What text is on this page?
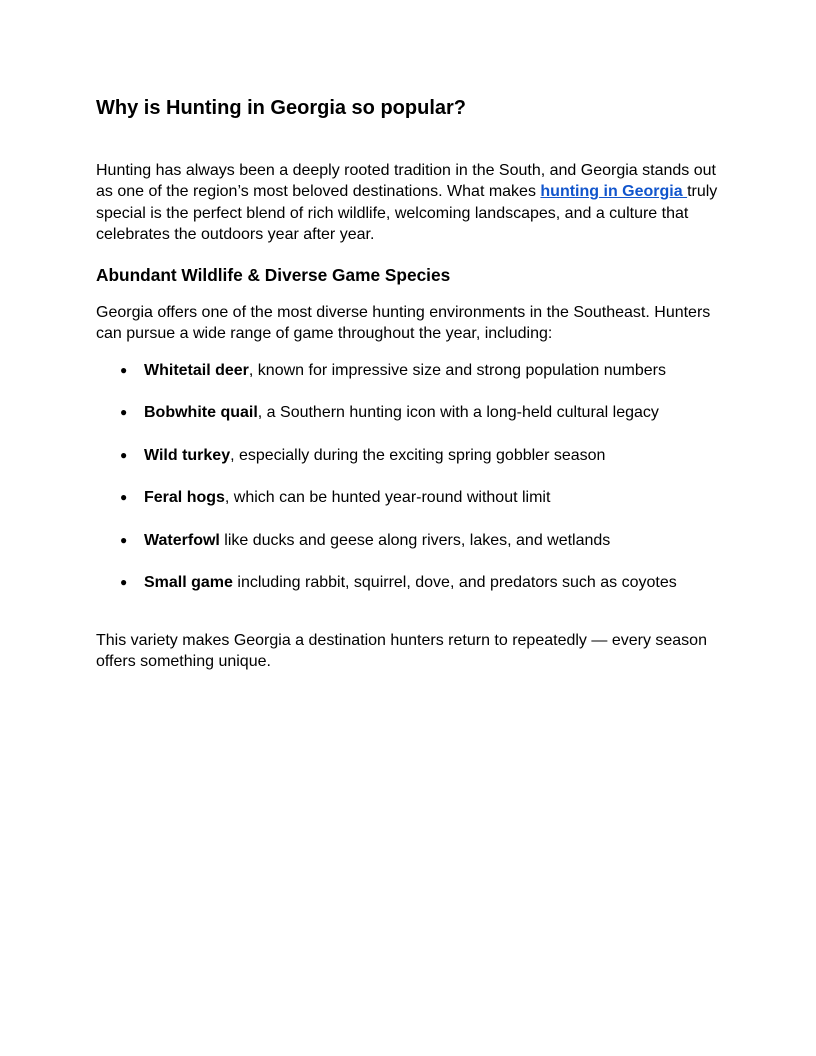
Why is Hunting in Georgia so popular?

Hunting has always been a deeply rooted tradition in the South, and Georgia stands out as one of the region’s most beloved destinations. What makes hunting in Georgia truly special is the perfect blend of rich wildlife, welcoming landscapes, and a culture that celebrates the outdoors year after year.

Abundant Wildlife & Diverse Game Species

Georgia offers one of the most diverse hunting environments in the Southeast. Hunters can pursue a wide range of game throughout the year, including:

● Whitetail deer, known for impressive size and strong population numbers
● Bobwhite quail, a Southern hunting icon with a long-held cultural legacy
● Wild turkey, especially during the exciting spring gobbler season
● Feral hogs, which can be hunted year-round without limit
● Waterfowl like ducks and geese along rivers, lakes, and wetlands
● Small game including rabbit, squirrel, dove, and predators such as coyotes

This variety makes Georgia a destination hunters return to repeatedly — every season offers something unique.
